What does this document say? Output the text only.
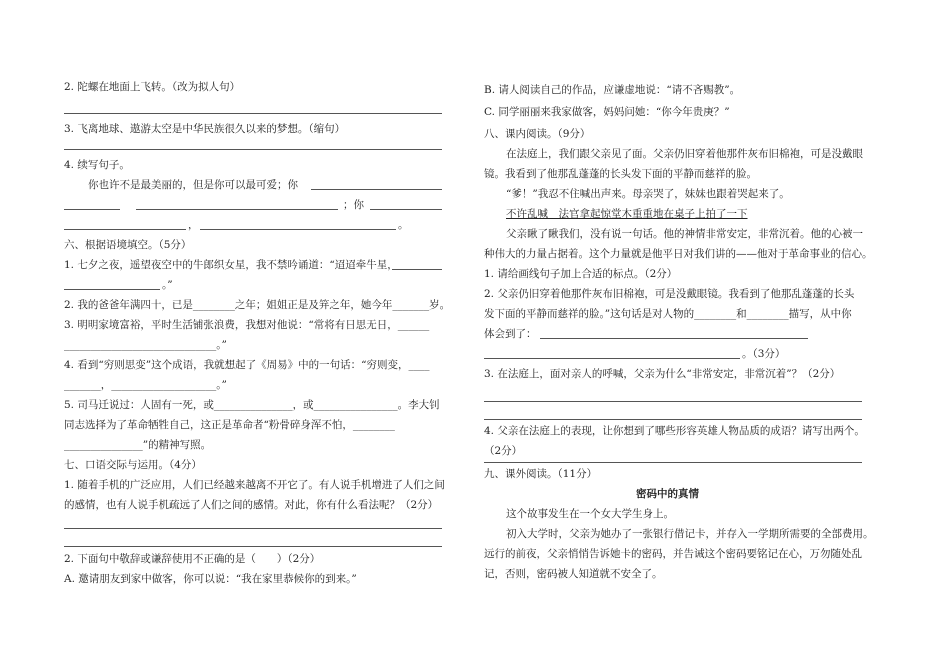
2. 陀螺在地面上飞转。（改为拟人句）
3. 飞离地球、遨游太空是中华民族很久以来的梦想。（缩句）
4. 续写句子。
你也许不是最美丽的，但是你可以最可爱；你
；你
，	。
六、根据语境填空。（5分）
1. 七夕之夜，遥望夜空中的牛郎织女星，我不禁吟诵道：“迢迢牵牛星，
。”
2. 我的爸爸年满四十，已是________之年；姐姐正是及笄之年，她今年_______岁。
3. 明明家境富裕，平时生活铺张浪费，我想对他说：“常将有日思无日，______
_____________________________。”
4. 看到“穷则思变”这个成语，我就想起了《周易》中的一句话：“穷则变，____
_______，____________________。”
5. 司马迁说过：人固有一死，或_______________，或________________。李大钊
同志选择为了革命牺牲自己，这正是革命者“粉骨碎身浑不怕，________
_______________”的精神写照。
七、口语交际与运用。（4分）
1. 随着手机的广泛应用，人们已经越来越离不开它了。有人说手机增进了人们之间
的感情，也有人说手机疏远了人们之间的感情。对此，你有什么看法呢？（2分）
2. 下面句中敬辞或谦辞使用不正确的是（　　）（2分）
A. 邀请朋友到家中做客，你可以说：“我在家里恭候你的到来。”
B. 请人阅读自己的作品，应谦虚地说：“请不吝赐教”。
C. 同学丽丽来我家做客，妈妈问她：“你今年贵庚？”
八、课内阅读。（9分）
在法庭上，我们跟父亲见了面。父亲仍旧穿着他那件灰布旧棉袍，可是没戴眼
镜。我看到了他那乱蓬蓬的长头发下面的平静而慈祥的脸。
“爹！”我忍不住喊出声来。母亲哭了，妹妹也跟着哭起来了。
不许乱喊　法官拿起惊堂木重重地在桌子上拍了一下
父亲瞅了瞅我们，没有说一句话。他的神情非常安定，非常沉着。他的心被一
种伟大的力量占据着。这个力量就是他平日对我们讲的——他对于革命事业的信心。
1. 请给画线句子加上合适的标点。（2分）
2. 父亲仍旧穿着他那件灰布旧棉袍，可是没戴眼镜。我看到了他那乱蓬蓬的长头
发下面的平静而慈祥的脸。”这句话是对人物的________和________描写，从中你
体会到了：
。（3分）
3. 在法庭上，面对亲人的呼喊，父亲为什么“非常安定，非常沉着”？（2分）
4. 父亲在法庭上的表现，让你想到了哪些形容英雄人物品质的成语？请写出两个。
（2分）
九、课外阅读。（11分）
密码中的真情
这个故事发生在一个女大学生身上。
初入大学时，父亲为她办了一张银行借记卡，并存入一学期所需要的全部费用。
远行的前夜，父亲悄悄告诉她卡的密码，并告诫这个密码要铭记在心，万勿随处乱
记，否则，密码被人知道就不安全了。
